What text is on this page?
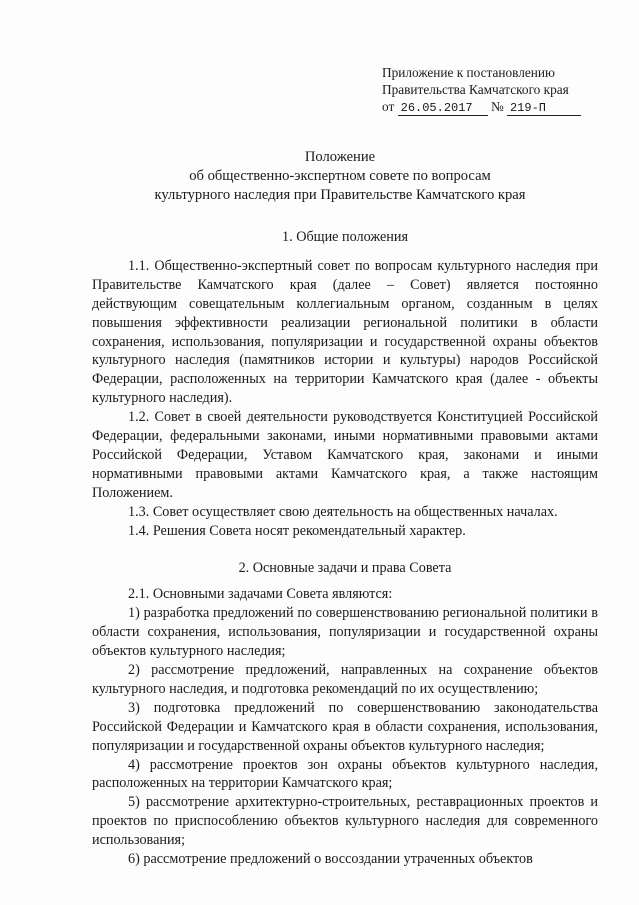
Приложение к постановлению
Правительства Камчатского края
от 26.05.2017 № 219-П
Положение
об общественно-экспертном совете по вопросам
культурного наследия при Правительстве Камчатского края

1. Общие положения

1.1. Общественно-экспертный совет по вопросам культурного наследия при Правительстве Камчатского края (далее – Совет) является постоянно действующим совещательным коллегиальным органом, созданным в целях повышения эффективности реализации региональной политики в области сохранения, использования, популяризации и государственной охраны объектов культурного наследия (памятников истории и культуры) народов Российской Федерации, расположенных на территории Камчатского края (далее - объекты культурного наследия).

1.2. Совет в своей деятельности руководствуется Конституцией Российской Федерации, федеральными законами, иными нормативными правовыми актами Российской Федерации, Уставом Камчатского края, законами и иными нормативными правовыми актами Камчатского края, а также настоящим Положением.

1.3. Совет осуществляет свою деятельность на общественных началах.

1.4. Решения Совета носят рекомендательный характер.

2. Основные задачи и права Совета

2.1. Основными задачами Совета являются:

1) разработка предложений по совершенствованию региональной политики в области сохранения, использования, популяризации и государственной охраны объектов культурного наследия;

2) рассмотрение предложений, направленных на сохранение объектов культурного наследия, и подготовка рекомендаций по их осуществлению;

3) подготовка предложений по совершенствованию законодательства Российской Федерации и Камчатского края в области сохранения, использования, популяризации и государственной охраны объектов культурного наследия;

4) рассмотрение проектов зон охраны объектов культурного наследия, расположенных на территории Камчатского края;

5) рассмотрение архитектурно-строительных, реставрационных проектов и проектов по приспособлению объектов культурного наследия для современного использования;

6) рассмотрение предложений о воссоздании утраченных объектов
